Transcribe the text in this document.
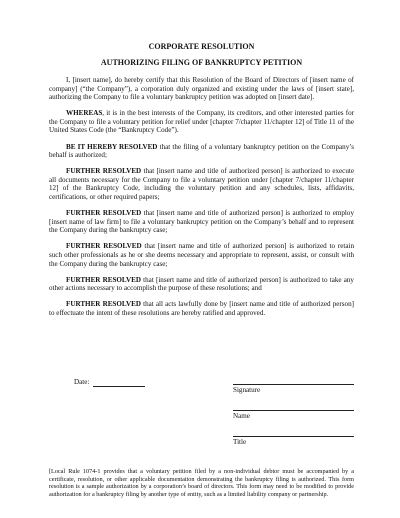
CORPORATE RESOLUTION

AUTHORIZING FILING OF BANKRUPTCY PETITION

I, [insert name], do hereby certify that this Resolution of the Board of Directors of [insert name of company] (“the Company”), a corporation duly organized and existing under the laws of [insert state], authorizing the Company to file a voluntary bankruptcy petition was adopted on [insert date].

WHEREAS, it is in the best interests of the Company, its creditors, and other interested parties for the Company to file a voluntary petition for relief under [chapter 7/chapter 11/chapter 12] of Title 11 of the United States Code (the “Bankruptcy Code”).

BE IT HEREBY RESOLVED that the filing of a voluntary bankruptcy petition on the Company’s behalf is authorized;

FURTHER RESOLVED that [insert name and title of authorized person] is authorized to execute all documents necessary for the Company to file a voluntary petition under [chapter 7/chapter 11/chapter 12] of the Bankruptcy Code, including the voluntary petition and any schedules, lists, affidavits, certifications, or other required papers;

FURTHER RESOLVED that [insert name and title of authorized person] is authorized to employ [insert name of law firm] to file a voluntary bankruptcy petition on the Company’s behalf and to represent the Company during the bankruptcy case;

FURTHER RESOLVED that [insert name and title of authorized person] is authorized to retain such other professionals as he or she deems necessary and appropriate to represent, assist, or consult with the Company during the bankruptcy case;

FURTHER RESOLVED that [insert name and title of authorized person] is authorized to take any other actions necessary to accomplish the purpose of these resolutions; and

FURTHER RESOLVED that all acts lawfully done by [insert name and title of authorized person] to effectuate the intent of these resolutions are hereby ratified and approved.

Date:
Signature
Name
Title

[Local Rule 1074-1 provides that a voluntary petition filed by a non-individual debtor must be accompanied by a certificate, resolution, or other applicable documentation demonstrating the bankruptcy filing is authorized. This form resolution is a sample authorization by a corporation’s board of directors. This form may need to be modified to provide authorization for a bankruptcy filing by another type of entity, such as a limited liability company or partnership.
